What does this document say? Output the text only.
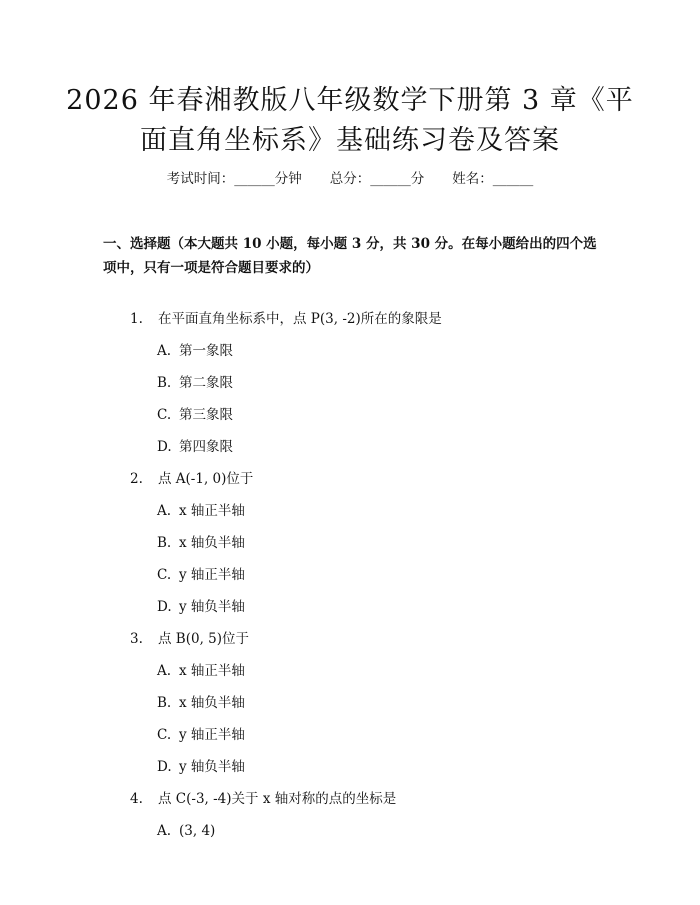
2026 年春湘教版八年级数学下册第 3 章《平
面直角坐标系》基础练习卷及答案
考试时间：______分钟 总分：______分 姓名：______
一、选择题（本大题共 10 小题，每小题 3 分，共 30 分。在每小题给出的四个选
项中，只有一项是符合题目要求的）
1. 在平面直角坐标系中，点 P(3, -2)所在的象限是
A. 第一象限
B. 第二象限
C. 第三象限
D. 第四象限
2. 点 A(-1, 0)位于
A. x 轴正半轴
B. x 轴负半轴
C. y 轴正半轴
D. y 轴负半轴
3. 点 B(0, 5)位于
A. x 轴正半轴
B. x 轴负半轴
C. y 轴正半轴
D. y 轴负半轴
4. 点 C(-3, -4)关于 x 轴对称的点的坐标是
A. (3, 4)
